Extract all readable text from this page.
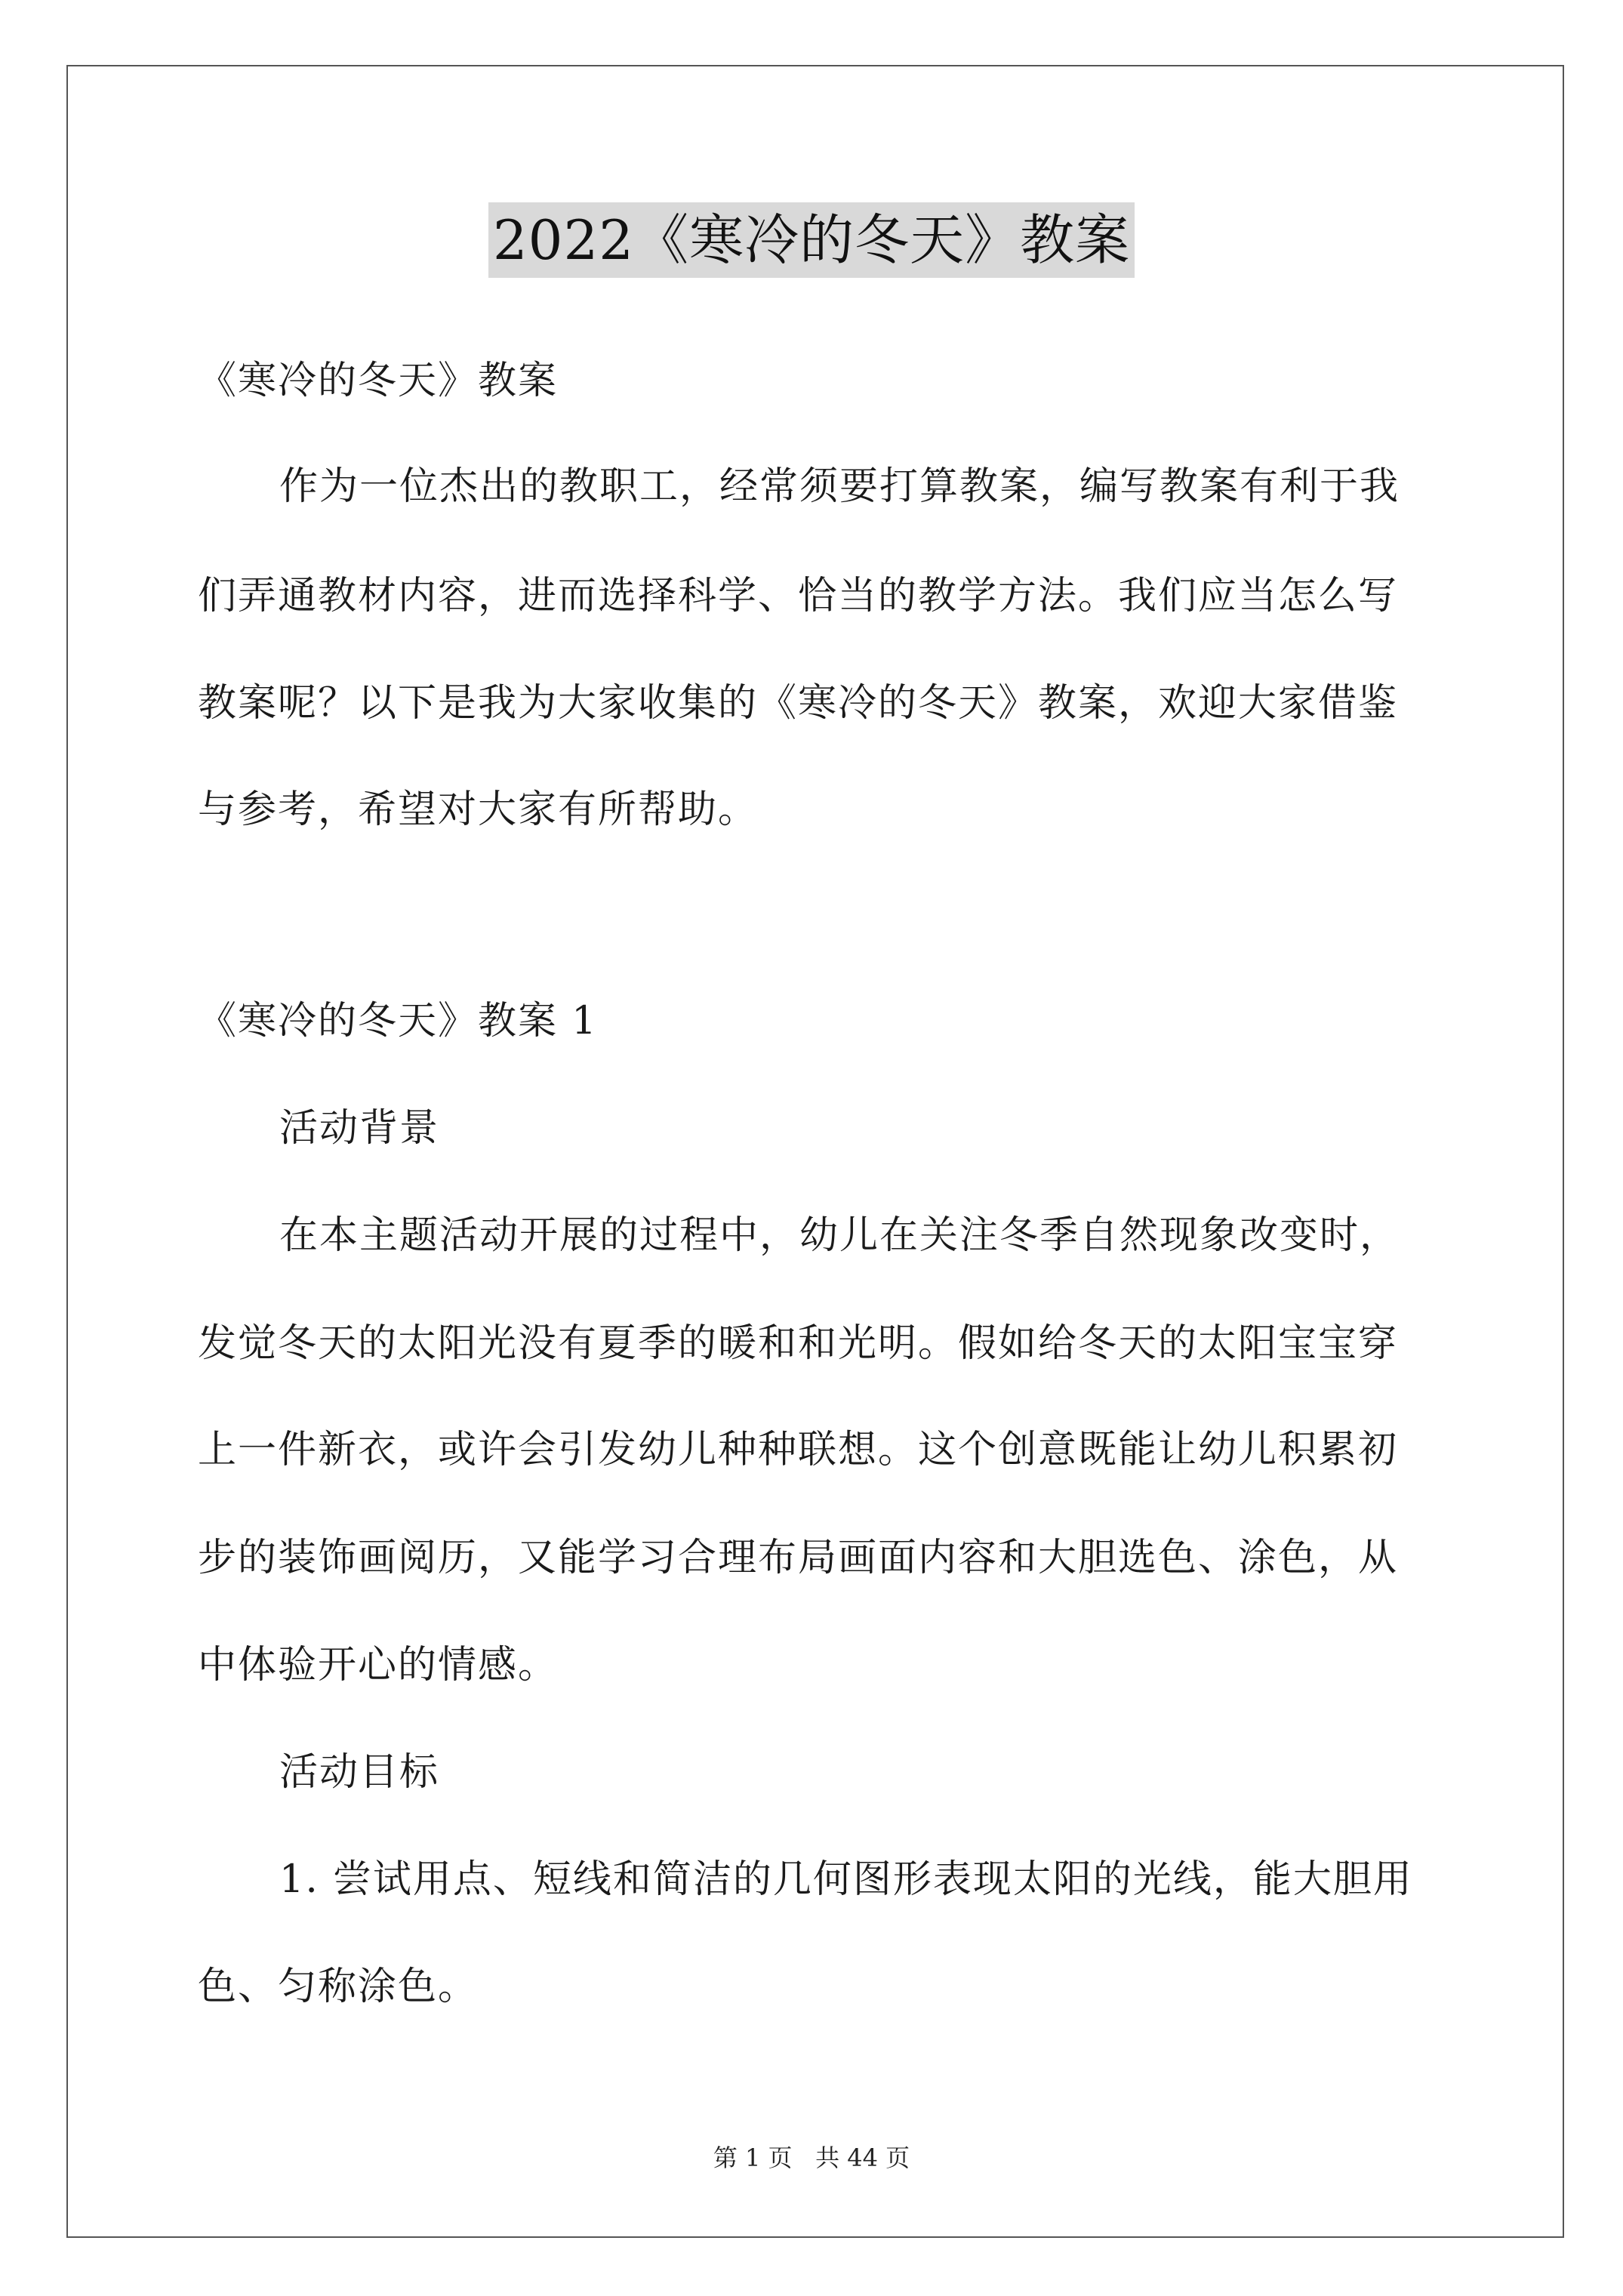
2022《寒冷的冬天》教案
《寒冷的冬天》教案
作为一位杰出的教职工，经常须要打算教案，编写教案有利于我
们弄通教材内容，进而选择科学、恰当的教学方法。我们应当怎么写
教案呢？以下是我为大家收集的《寒冷的冬天》教案，欢迎大家借鉴
与参考，希望对大家有所帮助。
《寒冷的冬天》教案 1
活动背景
在本主题活动开展的过程中，幼儿在关注冬季自然现象改变时，
发觉冬天的太阳光没有夏季的暖和和光明。假如给冬天的太阳宝宝穿
上一件新衣，或许会引发幼儿种种联想。这个创意既能让幼儿积累初
步的装饰画阅历，又能学习合理布局画面内容和大胆选色、涂色，从
中体验开心的情感。
活动目标
1. 尝试用点、短线和简洁的几何图形表现太阳的光线，能大胆用
色、匀称涂色。
第 1 页   共 44 页
